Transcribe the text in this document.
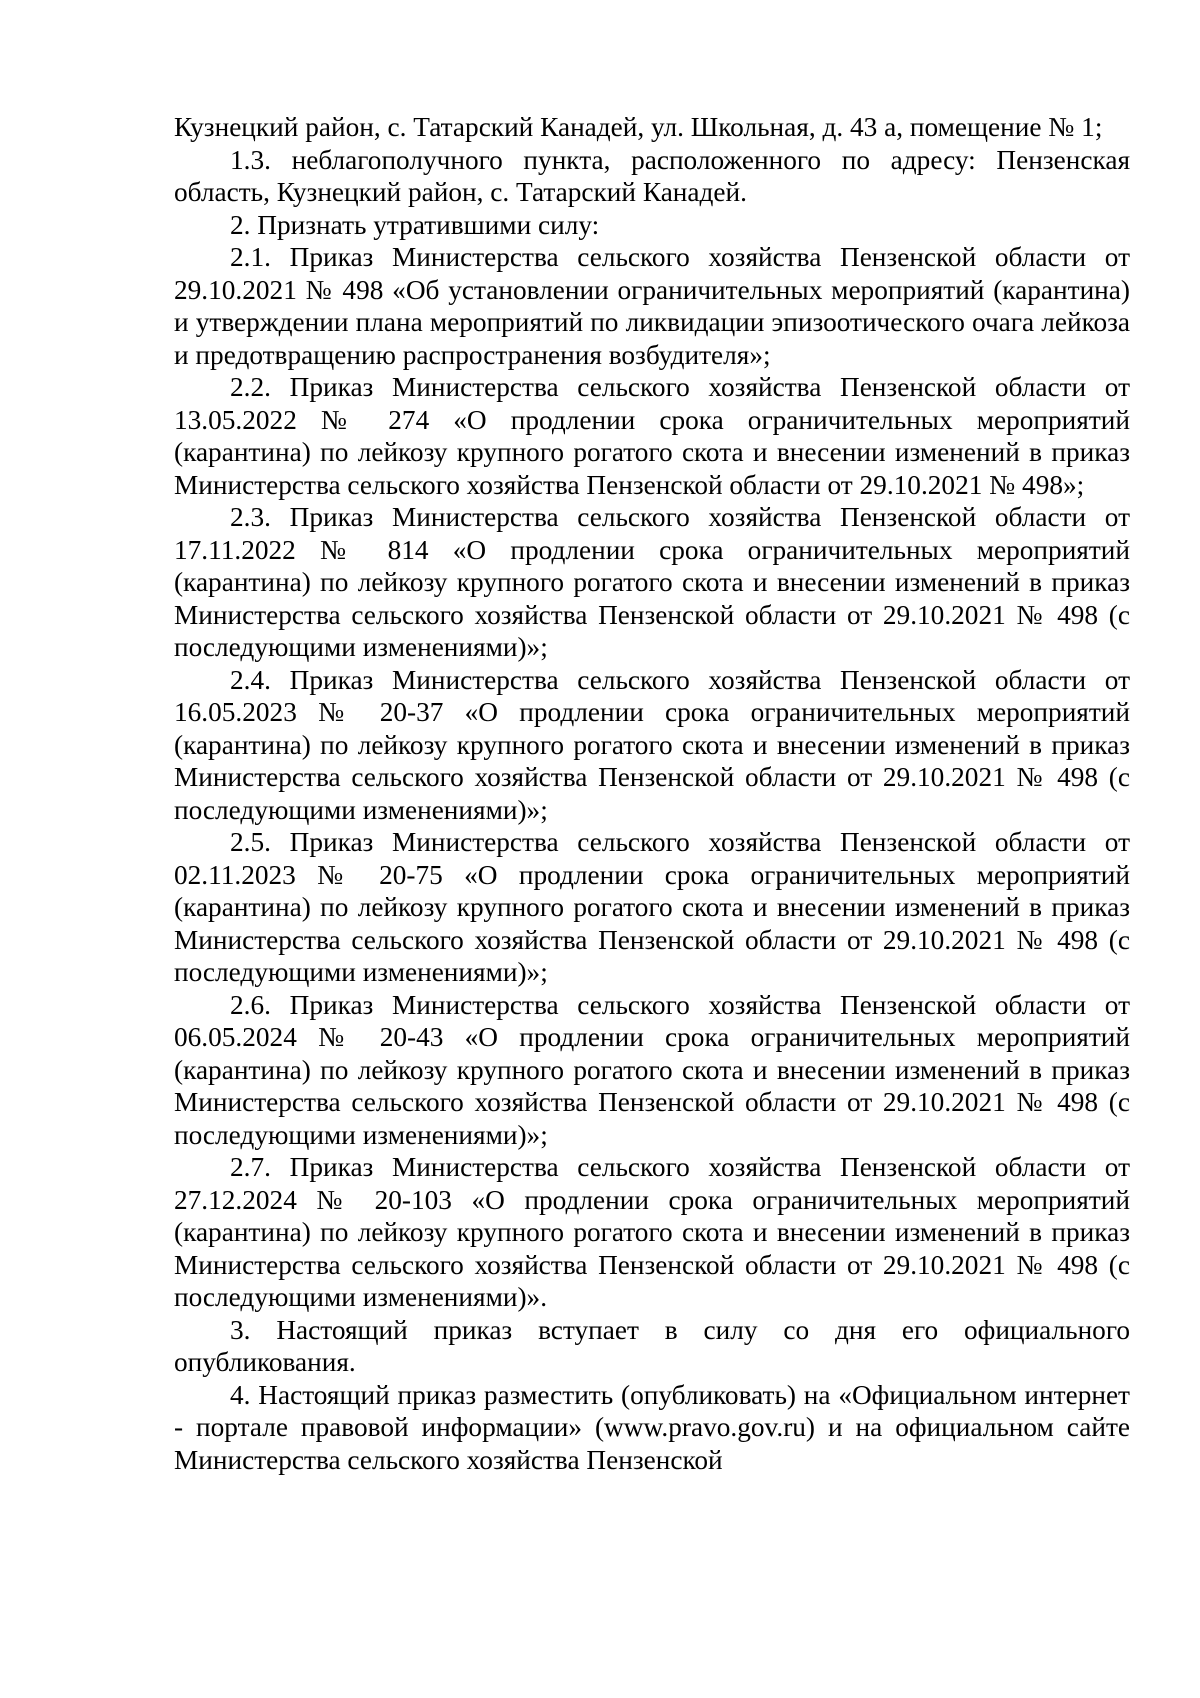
Кузнецкий район, с. Татарский Канадей, ул. Школьная, д. 43 а, помещение № 1;

1.3. неблагополучного пункта, расположенного по адресу: Пензенская область, Кузнецкий район, с. Татарский Канадей.

2. Признать утратившими силу:

2.1. Приказ Министерства сельского хозяйства Пензенской области от 29.10.2021 № 498 «Об установлении ограничительных мероприятий (карантина) и утверждении плана мероприятий по ликвидации эпизоотического очага лейкоза и предотвращению распространения возбудителя»;

2.2. Приказ Министерства сельского хозяйства Пензенской области от 13.05.2022 № 274 «О продлении срока ограничительных мероприятий (карантина) по лейкозу крупного рогатого скота и внесении изменений в приказ Министерства сельского хозяйства Пензенской области от 29.10.2021 № 498»;

2.3. Приказ Министерства сельского хозяйства Пензенской области от 17.11.2022 № 814 «О продлении срока ограничительных мероприятий (карантина) по лейкозу крупного рогатого скота и внесении изменений в приказ Министерства сельского хозяйства Пензенской области от 29.10.2021 № 498 (с последующими изменениями)»;

2.4. Приказ Министерства сельского хозяйства Пензенской области от 16.05.2023 № 20-37 «О продлении срока ограничительных мероприятий (карантина) по лейкозу крупного рогатого скота и внесении изменений в приказ Министерства сельского хозяйства Пензенской области от 29.10.2021 № 498 (с последующими изменениями)»;

2.5. Приказ Министерства сельского хозяйства Пензенской области от 02.11.2023 № 20-75 «О продлении срока ограничительных мероприятий (карантина) по лейкозу крупного рогатого скота и внесении изменений в приказ Министерства сельского хозяйства Пензенской области от 29.10.2021 № 498 (с последующими изменениями)»;

2.6. Приказ Министерства сельского хозяйства Пензенской области от 06.05.2024 № 20-43 «О продлении срока ограничительных мероприятий (карантина) по лейкозу крупного рогатого скота и внесении изменений в приказ Министерства сельского хозяйства Пензенской области от 29.10.2021 № 498 (с последующими изменениями)»;

2.7. Приказ Министерства сельского хозяйства Пензенской области от 27.12.2024 № 20-103 «О продлении срока ограничительных мероприятий (карантина) по лейкозу крупного рогатого скота и внесении изменений в приказ Министерства сельского хозяйства Пензенской области от 29.10.2021 № 498 (с последующими изменениями)».

3. Настоящий приказ вступает в силу со дня его официального опубликования.

4. Настоящий приказ разместить (опубликовать) на «Официальном интернет - портале правовой информации» (www.pravo.gov.ru) и на официальном сайте Министерства сельского хозяйства Пензенской
